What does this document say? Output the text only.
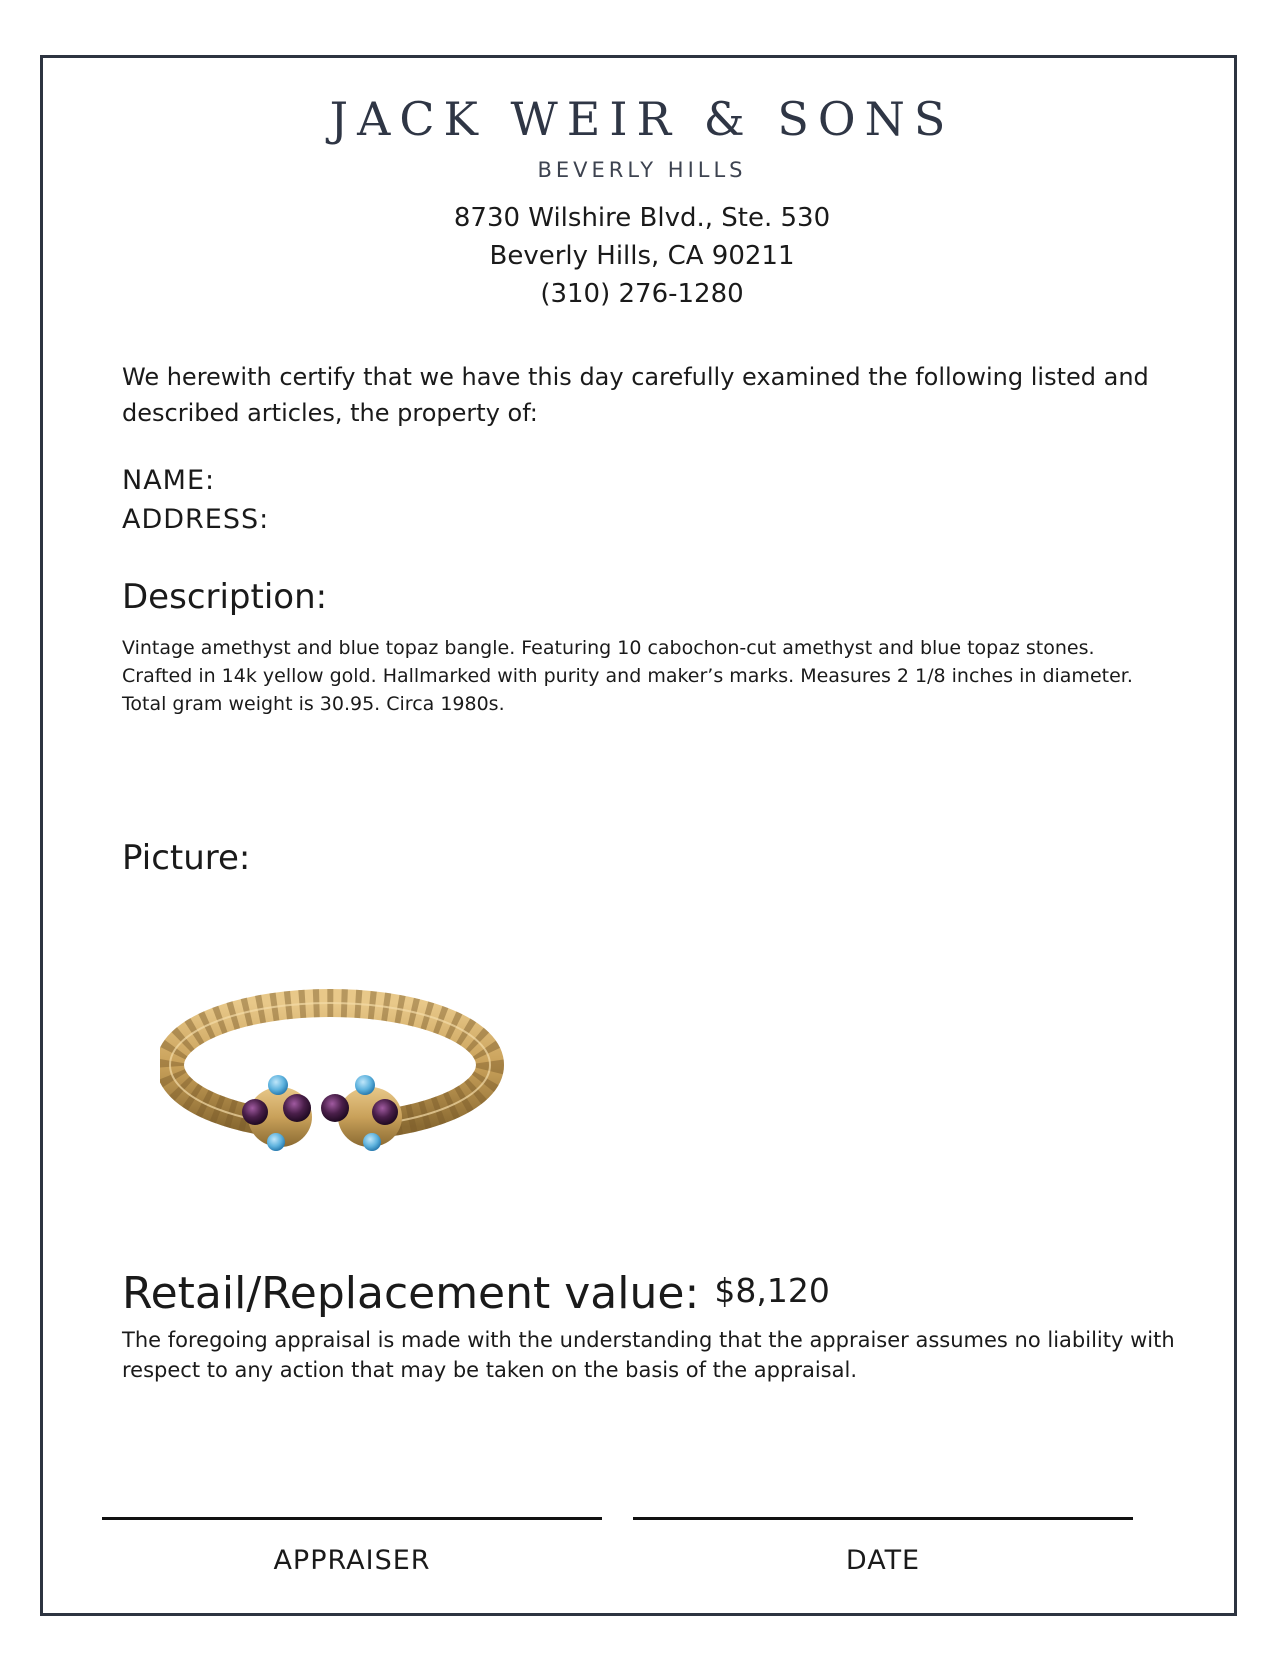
JACK WEIR & SONS
BEVERLY HILLS
8730 Wilshire Blvd., Ste. 530
Beverly Hills, CA 90211
(310) 276-1280
We herewith certify that we have this day carefully examined the following listed and described articles, the property of:
NAME:
ADDRESS:
Description:
Vintage amethyst and blue topaz bangle. Featuring 10 cabochon-cut amethyst and blue topaz stones. Crafted in 14k yellow gold. Hallmarked with purity and maker’s marks. Measures 2 1/8 inches in diameter. Total gram weight is 30.95. Circa 1980s.
Picture:
Retail/Replacement value: $8,120
The foregoing appraisal is made with the understanding that the appraiser assumes no liability with respect to any action that may be taken on the basis of the appraisal.
APPRAISER	DATE
